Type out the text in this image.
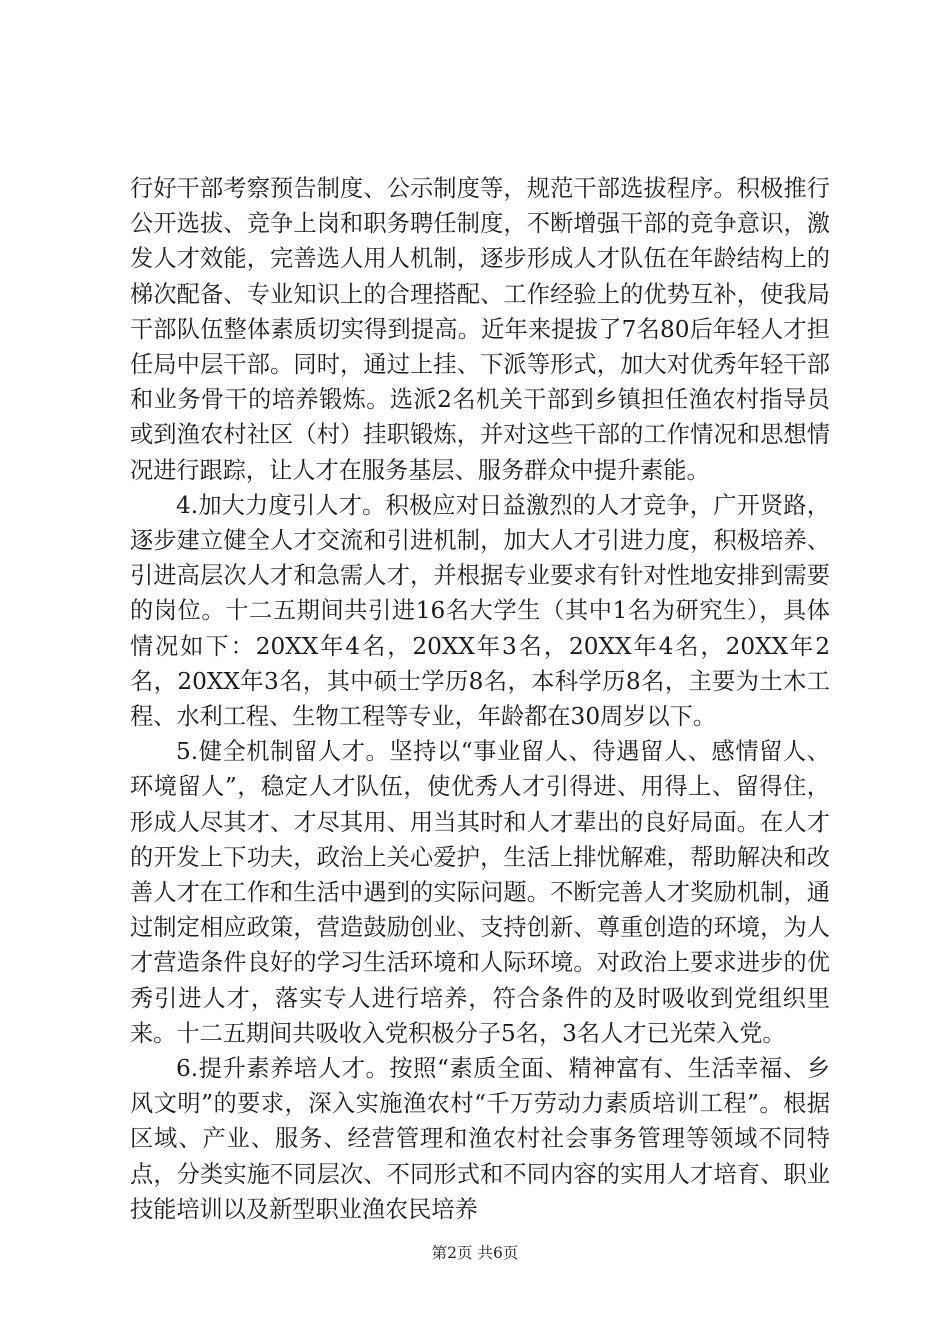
行好干部考察预告制度、公示制度等，规范干部选拔程序。积极推行公开选拔、竞争上岗和职务聘任制度，不断增强干部的竞争意识，激发人才效能，完善选人用人机制，逐步形成人才队伍在年龄结构上的梯次配备、专业知识上的合理搭配、工作经验上的优势互补，使我局干部队伍整体素质切实得到提高。近年来提拔了7名80后年轻人才担任局中层干部。同时，通过上挂、下派等形式，加大对优秀年轻干部和业务骨干的培养锻炼。选派2名机关干部到乡镇担任渔农村指导员或到渔农村社区（村）挂职锻炼，并对这些干部的工作情况和思想情况进行跟踪，让人才在服务基层、服务群众中提升素能。

4.加大力度引人才。积极应对日益激烈的人才竞争，广开贤路，逐步建立健全人才交流和引进机制，加大人才引进力度，积极培养、引进高层次人才和急需人才，并根据专业要求有针对性地安排到需要的岗位。十二五期间共引进16名大学生（其中1名为研究生），具体情况如下：20XX年4名，20XX年3名，20XX年4名，20XX年2名，20XX年3名，其中硕士学历8名，本科学历8名，主要为土木工程、水利工程、生物工程等专业，年龄都在30周岁以下。

5.健全机制留人才。坚持以“事业留人、待遇留人、感情留人、环境留人”，稳定人才队伍，使优秀人才引得进、用得上、留得住，形成人尽其才、才尽其用、用当其时和人才辈出的良好局面。在人才的开发上下功夫，政治上关心爱护，生活上排忧解难，帮助解决和改善人才在工作和生活中遇到的实际问题。不断完善人才奖励机制，通过制定相应政策，营造鼓励创业、支持创新、尊重创造的环境，为人才营造条件良好的学习生活环境和人际环境。对政治上要求进步的优秀引进人才，落实专人进行培养，符合条件的及时吸收到党组织里来。十二五期间共吸收入党积极分子5名，3名人才已光荣入党。

6.提升素养培人才。按照“素质全面、精神富有、生活幸福、乡风文明”的要求，深入实施渔农村“千万劳动力素质培训工程”。根据区域、产业、服务、经营管理和渔农村社会事务管理等领域不同特点，分类实施不同层次、不同形式和不同内容的实用人才培育、职业技能培训以及新型职业渔农民培养

第2页 共6页
